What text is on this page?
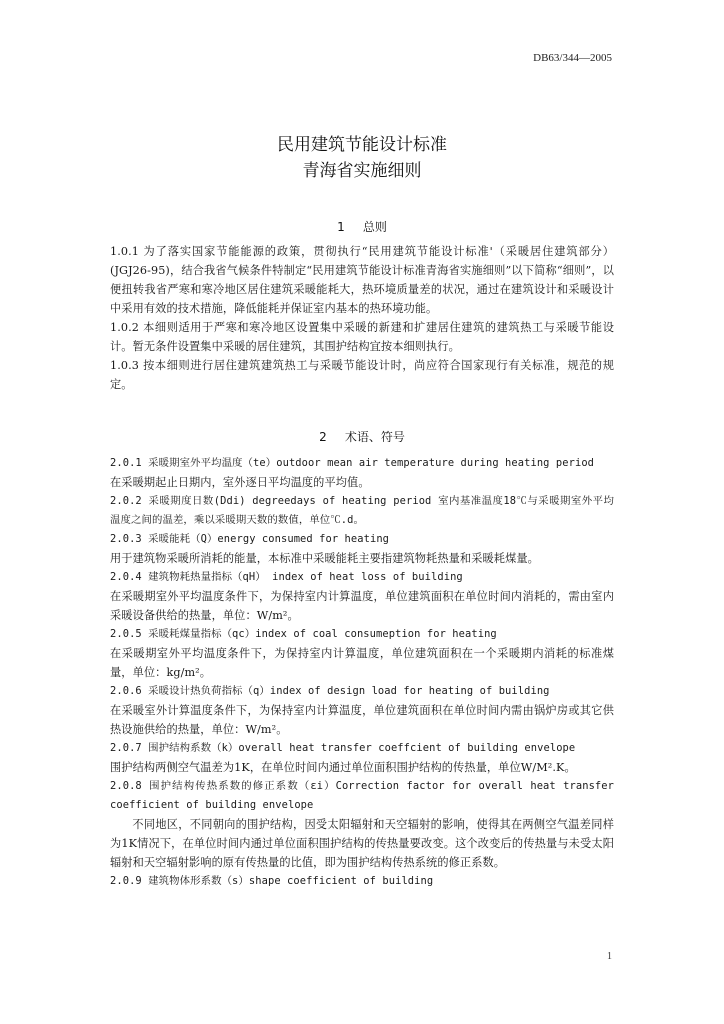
DB63/344—2005
民用建筑节能设计标准
青海省实施细则
1 总则

1.0.1 为了落实国家节能能源的政策，贯彻执行“民用建筑节能设计标准'（采暖居住建筑部分）(JGJ26-95)，结合我省气候条件特制定“民用建筑节能设计标准青海省实施细则”以下简称“细则”，以便扭转我省严寒和寒冷地区居住建筑采暖能耗大，热环境质量差的状况，通过在建筑设计和采暖设计中采用有效的技术措施，降低能耗并保证室内基本的热环境功能。

1.0.2 本细则适用于严寒和寒冷地区设置集中采暖的新建和扩建居住建筑的建筑热工与采暖节能设计。暂无条件设置集中采暖的居住建筑，其围护结构宜按本细则执行。

1.0.3 按本细则进行居住建筑建筑热工与采暖节能设计时，尚应符合国家现行有关标准，规范的规定。

2 术语、符号

2.0.1 采暖期室外平均温度（te）outdoor mean air temperature during heating period

在采暖期起止日期内，室外逐日平均温度的平均值。

2.0.2 采暖期度日数(Ddi) degreedays of heating period 室内基准温度18℃与采暖期室外平均温度之间的温差，乘以采暖期天数的数值，单位℃.d。

2.0.3 采暖能耗（Q）energy consumed for heating

用于建筑物采暖所消耗的能量，本标准中采暖能耗主要指建筑物耗热量和采暖耗煤量。

2.0.4 建筑物耗热量指标（qH） index of heat loss of building

在采暖期室外平均温度条件下，为保持室内计算温度，单位建筑面积在单位时间内消耗的，需由室内采暖设备供给的热量，单位：W/m²。

2.0.5 采暖耗煤量指标（qc）index of coal consumeption for heating

在采暖期室外平均温度条件下，为保持室内计算温度，单位建筑面积在一个采暖期内消耗的标准煤量，单位：kg/m²。

2.0.6 采暖设计热负荷指标（q）index of design load for heating of building

在采暖室外计算温度条件下，为保持室内计算温度，单位建筑面积在单位时间内需由锅炉房或其它供热设施供给的热量，单位：W/m²。

2.0.7 围护结构系数（k）overall heat transfer coeffcient of building envelope

围护结构两侧空气温差为1K，在单位时间内通过单位面积围护结构的传热量，单位W/M².K。

2.0.8 围护结构传热系数的修正系数（εi）Correction factor for overall heat transfer coefficient of building envelope

不同地区，不同朝向的围护结构，因受太阳辐射和天空辐射的影响，使得其在两侧空气温差同样为1K情况下，在单位时间内通过单位面积围护结构的传热量要改变。这个改变后的传热量与未受太阳辐射和天空辐射影响的原有传热量的比值，即为围护结构传热系统的修正系数。

2.0.9 建筑物体形系数（s）shape coefficient of building

1
